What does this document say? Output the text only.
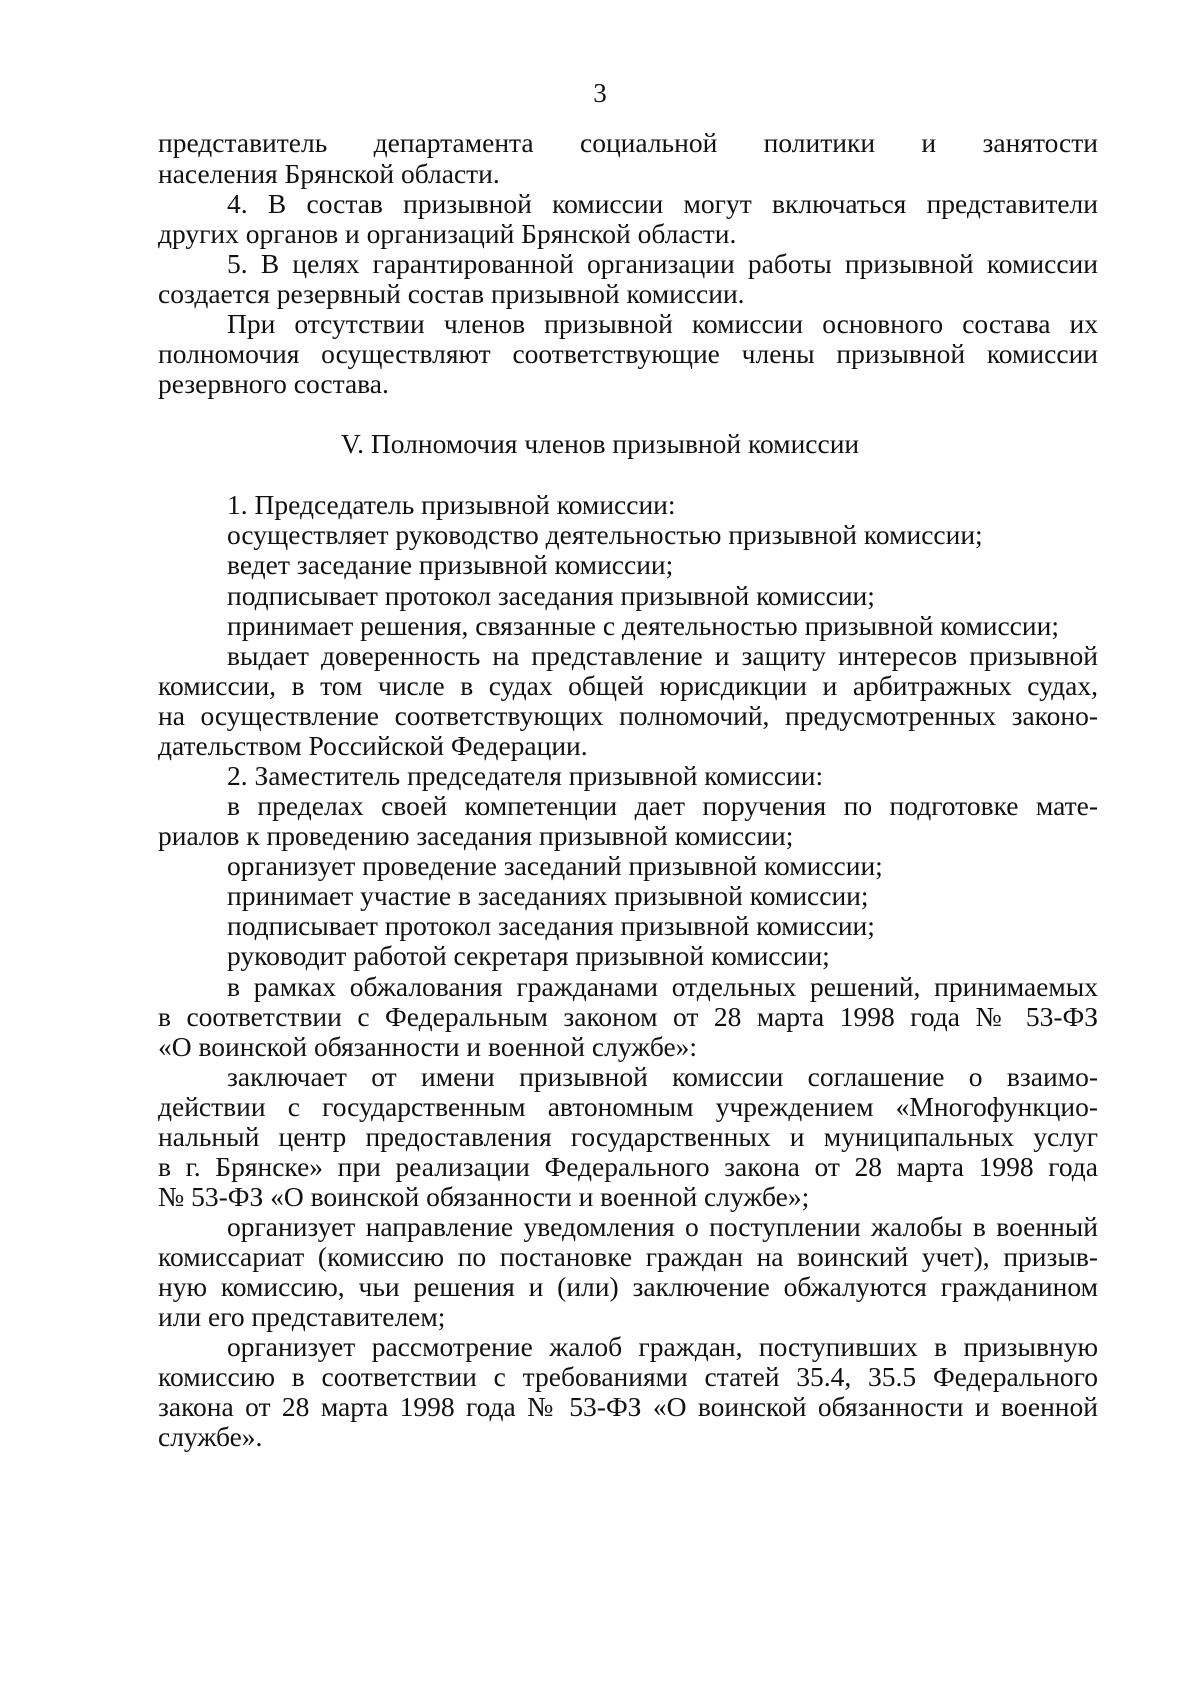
3
представитель департамента социальной политики и занятости
населения Брянской области.
4. В состав призывной комиссии могут включаться представители
других органов и организаций Брянской области.
5. В целях гарантированной организации работы призывной комиссии
создается резервный состав призывной комиссии.
При отсутствии членов призывной комиссии основного состава их
полномочия осуществляют соответствующие члены призывной комиссии
резервного состава.
V. Полномочия членов призывной комиссии
1. Председатель призывной комиссии:
осуществляет руководство деятельностью призывной комиссии;
ведет заседание призывной комиссии;
подписывает протокол заседания призывной комиссии;
принимает решения, связанные с деятельностью призывной комиссии;
выдает доверенность на представление и защиту интересов призывной
комиссии, в том числе в судах общей юрисдикции и арбитражных судах,
на осуществление соответствующих полномочий, предусмотренных законо-
дательством Российской Федерации.
2. Заместитель председателя призывной комиссии:
в пределах своей компетенции дает поручения по подготовке мате-
риалов к проведению заседания призывной комиссии;
организует проведение заседаний призывной комиссии;
принимает участие в заседаниях призывной комиссии;
подписывает протокол заседания призывной комиссии;
руководит работой секретаря призывной комиссии;
в рамках обжалования гражданами отдельных решений, принимаемых
в соответствии с Федеральным законом от 28 марта 1998 года № 53-ФЗ
«О воинской обязанности и военной службе»:
заключает от имени призывной комиссии соглашение о взаимо-
действии с государственным автономным учреждением «Многофункцио-
нальный центр предоставления государственных и муниципальных услуг
в г. Брянске» при реализации Федерального закона от 28 марта 1998 года
№ 53-ФЗ «О воинской обязанности и военной службе»;
организует направление уведомления о поступлении жалобы в военный
комиссариат (комиссию по постановке граждан на воинский учет), призыв-
ную комиссию, чьи решения и (или) заключение обжалуются гражданином
или его представителем;
организует рассмотрение жалоб граждан, поступивших в призывную
комиссию в соответствии с требованиями статей 35.4, 35.5 Федерального
закона от 28 марта 1998 года № 53-ФЗ «О воинской обязанности и военной
службе».
